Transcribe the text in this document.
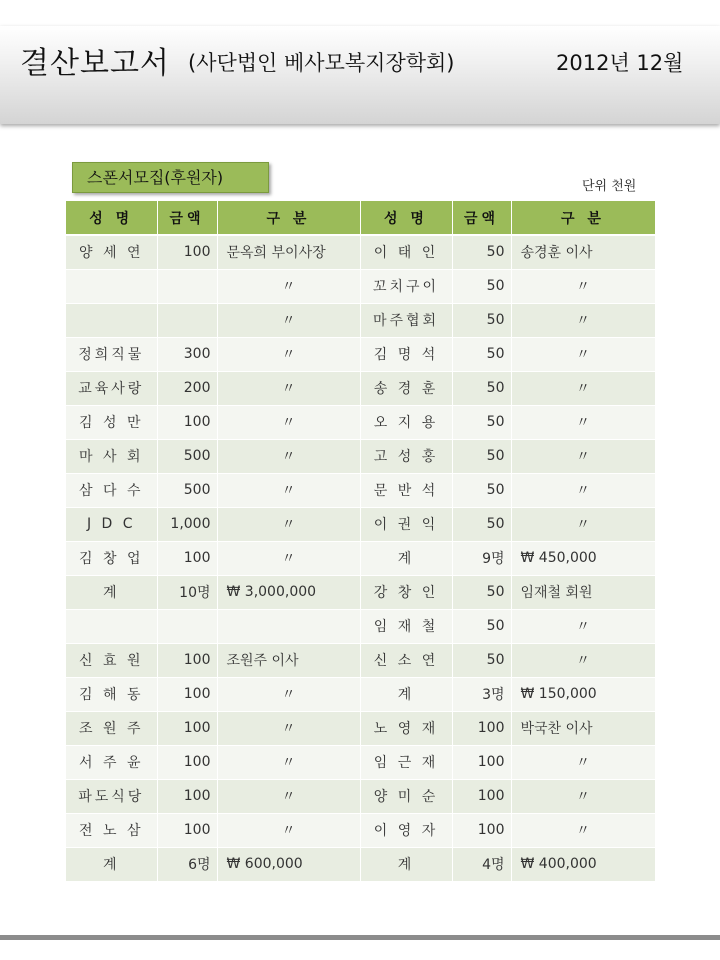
결산보고서 (사단법인 베사모복지장학회)	2012년 12월
스폰서모집(후원자)	단위 천원
성 명	금액	구 분	성 명	금액	구 분
양 세 연	100	문옥희 부이사장	이 태 인	50	송경훈 이사
		〃	꼬치구이	50	〃
		〃	마주협회	50	〃
정희직물	300	〃	김 명 석	50	〃
교육사랑	200	〃	송 경 훈	50	〃
김 성 만	100	〃	오 지 용	50	〃
마 사 회	500	〃	고 성 홍	50	〃
삼 다 수	500	〃	문 반 석	50	〃
J D C	1,000	〃	이 권 익	50	〃
김 창 업	100	〃	계	9명	₩ 450,000
계	10명	₩ 3,000,000	강 창 인	50	임재철 회원
			임 재 철	50	〃
신 효 원	100	조원주 이사	신 소 연	50	〃
김 해 동	100	〃	계	3명	₩ 150,000
조 원 주	100	〃	노 영 재	100	박국찬 이사
서 주 윤	100	〃	임 근 재	100	〃
파도식당	100	〃	양 미 순	100	〃
전 노 삼	100	〃	이 영 자	100	〃
계	6명	₩ 600,000	계	4명	₩ 400,000
